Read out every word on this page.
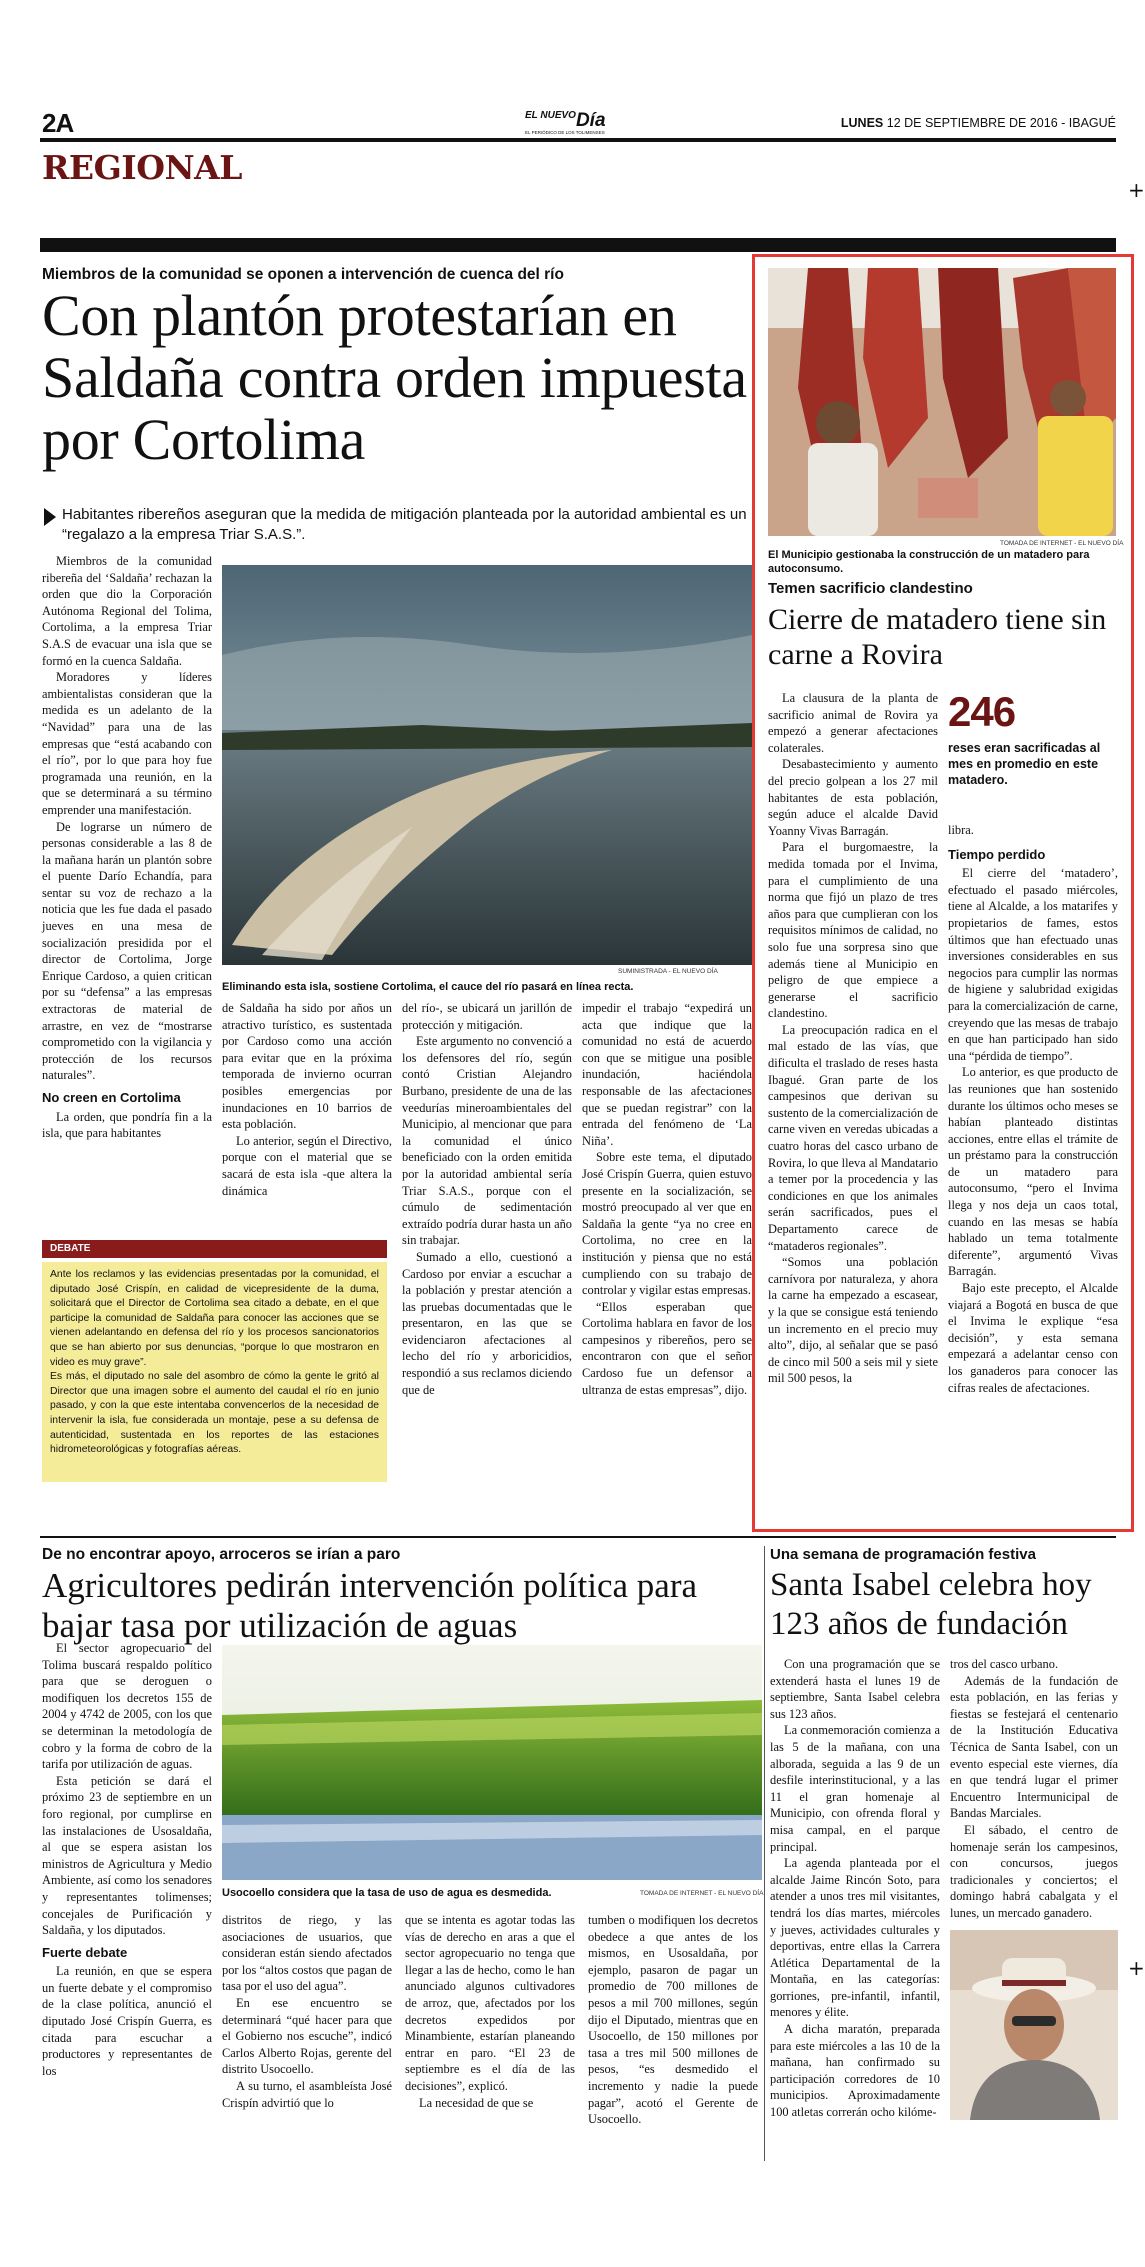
2A	$^{EL NUEVO}$Día
EL PERIÓDICO DE LOS TOLIMENSES
LUNES 12 DE SEPTIEMBRE DE 2016 - IBAGUÉ
REGIONAL
+
Miembros de la comunidad se oponen a intervención de cuenca del río
Con plantón protestarían en Saldaña contra orden impuesta por Cortolima
Habitantes ribereños aseguran que la medida de mitigación planteada por la autoridad ambiental es un “regalazo a la empresa Triar S.A.S.”.

Miembros de la comunidad ribereña del ‘Saldaña’ rechazan la orden que dio la Corporación Autónoma Regional del Tolima, Cortolima, a la empresa Triar S.A.S de evacuar una isla que se formó en la cuenca Saldaña.

Moradores y líderes ambientalistas consideran que la medida es un adelanto de la “Navidad” para una de las empresas que “está acabando con el río”, por lo que para hoy fue programada una reunión, en la que se determinará a su término emprender una manifestación.

De lograrse un número de personas considerable a las 8 de la mañana harán un plantón sobre el puente Darío Echandía, para sentar su voz de rechazo a la noticia que les fue dada el pasado jueves en una mesa de socialización presidida por el director de Cortolima, Jorge Enrique Cardoso, a quien critican por su “defensa” a las empresas extractoras de material de arrastre, en vez de “mostrarse comprometido con la vigilancia y protección de los recursos naturales”.

No creen en Cortolima

La orden, que pondría fin a la isla, que para habitantes

SUMINISTRADA - EL NUEVO DÍA
Eliminando esta isla, sostiene Cortolima, el cauce del río pasará en línea recta.

de Saldaña ha sido por años un atractivo turístico, es sustentada por Cardoso como una acción para evitar que en la próxima temporada de invierno ocurran posibles emergencias por inundaciones en 10 barrios de esta población.

Lo anterior, según el Directivo, porque con el material que se sacará de esta isla -que altera la dinámica

del río-, se ubicará un jarillón de protección y mitigación.

Este argumento no convenció a los defensores del río, según contó Cristian Alejandro Burbano, presidente de una de las veedurías mineroambientales del Municipio, al mencionar que para la comunidad el único beneficiado con la orden emitida por la autoridad ambiental sería Triar S.A.S., porque con el cúmulo de sedimentación extraído podría durar hasta un año sin trabajar.

Sumado a ello, cuestionó a Cardoso por enviar a escuchar a la población y prestar atención a las pruebas documentadas que le presentaron, en las que se evidenciaron afectaciones al lecho del río y arboricidios, respondió a sus reclamos diciendo que de

impedir el trabajo “expedirá un acta que indique que la comunidad no está de acuerdo con que se mitigue una posible inundación, haciéndola responsable de las afectaciones que se puedan registrar” con la entrada del fenómeno de ‘La Niña’.

Sobre este tema, el diputado José Crispín Guerra, quien estuvo presente en la socialización, se mostró preocupado al ver que en Saldaña la gente “ya no cree en Cortolima, no cree en la institución y piensa que no está cumpliendo con su trabajo de controlar y vigilar estas empresas.

“Ellos esperaban que Cortolima hablara en favor de los campesinos y ribereños, pero se encontraron con que el señor Cardoso fue un defensor a ultranza de estas empresas”, dijo.

DEBATE

Ante los reclamos y las evidencias presentadas por la comunidad, el diputado José Crispín, en calidad de vicepresidente de la duma, solicitará que el Director de Cortolima sea citado a debate, en el que participe la comunidad de Saldaña para conocer las acciones que se vienen adelantando en defensa del río y los procesos sancionatorios que se han abierto por sus denuncias, “porque lo que mostraron en video es muy grave”.

Es más, el diputado no sale del asombro de cómo la gente le gritó al Director que una imagen sobre el aumento del caudal el río en junio pasado, y con la que este intentaba convencerlos de la necesidad de intervenir la isla, fue considerada un montaje, pese a su defensa de autenticidad, sustentada en los reportes de las estaciones hidrometeorológicas y fotografías aéreas.

TOMADA DE INTERNET - EL NUEVO DÍA
El Municipio gestionaba la construcción de un matadero para autoconsumo.
Temen sacrificio clandestino
Cierre de matadero tiene sin carne a Rovira

La clausura de la planta de sacrificio animal de Rovira ya empezó a generar afectaciones colaterales.

Desabastecimiento y aumento del precio golpean a los 27 mil habitantes de esta población, según aduce el alcalde David Yoanny Vivas Barragán.

Para el burgomaestre, la medida tomada por el Invima, para el cumplimiento de una norma que fijó un plazo de tres años para que cumplieran con los requisitos mínimos de calidad, no solo fue una sorpresa sino que además tiene al Municipio en peligro de que empiece a generarse el sacrificio clandestino.

La preocupación radica en el mal estado de las vías, que dificulta el traslado de reses hasta Ibagué. Gran parte de los campesinos que derivan su sustento de la comercialización de carne viven en veredas ubicadas a cuatro horas del casco urbano de Rovira, lo que lleva al Mandatario a temer por la procedencia y las condiciones en que los animales serán sacrificados, pues el Departamento carece de “mataderos regionales”.

“Somos una población carnívora por naturaleza, y ahora la carne ha empezado a escasear, y la que se consigue está teniendo un incremento en el precio muy alto”, dijo, al señalar que se pasó de cinco mil 500 a seis mil y siete mil 500 pesos, la

246
reses eran sacrificadas al mes en promedio en este matadero.

libra.

Tiempo perdido

El cierre del ‘matadero’, efectuado el pasado miércoles, tiene al Alcalde, a los matarifes y propietarios de fames, estos últimos que han efectuado unas inversiones considerables en sus negocios para cumplir las normas de higiene y salubridad exigidas para la comercialización de carne, creyendo que las mesas de trabajo en que han participado han sido una “pérdida de tiempo”.

Lo anterior, es que producto de las reuniones que han sostenido durante los últimos ocho meses se habían planteado distintas acciones, entre ellas el trámite de un préstamo para la construcción de un matadero para autoconsumo, “pero el Invima llega y nos deja un caos total, cuando en las mesas se había hablado un tema totalmente diferente”, argumentó Vivas Barragán.

Bajo este precepto, el Alcalde viajará a Bogotá en busca de que el Invima le explique “esa decisión”, y esta semana empezará a adelantar censo con los ganaderos para conocer las cifras reales de afectaciones.

De no encontrar apoyo, arroceros se irían a paro
Agricultores pedirán intervención política para bajar tasa por utilización de aguas

El sector agropecuario del Tolima buscará respaldo político para que se deroguen o modifiquen los decretos 155 de 2004 y 4742 de 2005, con los que se determinan la metodología de cobro y la forma de cobro de la tarifa por utilización de aguas.

Esta petición se dará el próximo 23 de septiembre en un foro regional, por cumplirse en las instalaciones de Usosaldaña, al que se espera asistan los ministros de Agricultura y Medio Ambiente, así como los senadores y representantes tolimenses; concejales de Purificación y Saldaña, y los diputados.

Fuerte debate

La reunión, en que se espera un fuerte debate y el compromiso de la clase política, anunció el diputado José Crispín Guerra, es citada para escuchar a productores y representantes de los

Usocoello considera que la tasa de uso de agua es desmedida.	TOMADA DE INTERNET - EL NUEVO DÍA

distritos de riego, y las asociaciones de usuarios, que consideran están siendo afectados por los “altos costos que pagan de tasa por el uso del agua”.

En ese encuentro se determinará “qué hacer para que el Gobierno nos escuche”, indicó Carlos Alberto Rojas, gerente del distrito Usocoello.

A su turno, el asambleísta José Crispín advirtió que lo

que se intenta es agotar todas las vías de derecho en aras a que el sector agropecuario no tenga que llegar a las de hecho, como le han anunciado algunos cultivadores de arroz, que, afectados por los decretos expedidos por Minambiente, estarían planeando entrar en paro. “El 23 de septiembre es el día de las decisiones”, explicó.

La necesidad de que se

tumben o modifiquen los decretos obedece a que antes de los mismos, en Usosaldaña, por ejemplo, pasaron de pagar un promedio de 700 millones de pesos a mil 700 millones, según dijo el Diputado, mientras que en Usocoello, de 150 millones por tasa a tres mil 500 millones de pesos, “es desmedido el incremento y nadie la puede pagar”, acotó el Gerente de Usocoello.

Una semana de programación festiva
Santa Isabel celebra hoy 123 años de fundación

Con una programación que se extenderá hasta el lunes 19 de septiembre, Santa Isabel celebra sus 123 años.

La conmemoración comienza a las 5 de la mañana, con una alborada, seguida a las 9 de un desfile interinstitucional, y a las 11 el gran homenaje al Municipio, con ofrenda floral y misa campal, en el parque principal.

La agenda planteada por el alcalde Jaime Rincón Soto, para atender a unos tres mil visitantes, tendrá los días martes, miércoles y jueves, actividades culturales y deportivas, entre ellas la Carrera Atlética Departamental de la Montaña, en las categorías: gorriones, pre-infantil, infantil, menores y élite.

A dicha maratón, preparada para este miércoles a las 10 de la mañana, han confirmado su participación corredores de 10 municipios. Aproximadamente 100 atletas correrán ocho kilóme-

tros del casco urbano.

Además de la fundación de esta población, en las ferias y fiestas se festejará el centenario de la Institución Educativa Técnica de Santa Isabel, con un evento especial este viernes, día en que tendrá lugar el primer Encuentro Intermunicipal de Bandas Marciales.

El sábado, el centro de homenaje serán los campesinos, con concursos, juegos tradicionales y conciertos; el domingo habrá cabalgata y el lunes, un mercado ganadero.

+
